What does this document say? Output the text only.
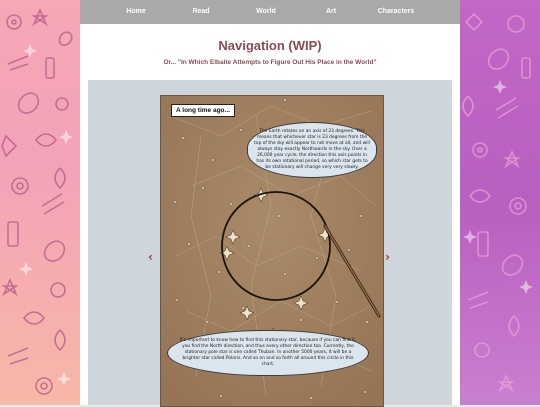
Home	Read	World	Art	Characters
Navigation (WIP)
Or... "In Which Elbaite Attempts to Figure Out His Place in the World"
‹	›
A long time ago...
The Earth rotates on an axis of 23 degrees. This means that whichever star is 23 degrees from the top of the sky will appear to not move at all, and will always stay exactly Northwards in the sky. Over a 26,000 year cycle, the direction this axis points in has its own rotational period, so which star gets to be stationary will change very very slowly.
It's important to know how to find this stationary star, because if you can find it, you find the North direction, and thus every other direction too. Currently, the stationary pole star is one called Thuban. In another 5000 years, it will be a brighter star called Polaris. And so on and so forth all around this circle in this chart.
